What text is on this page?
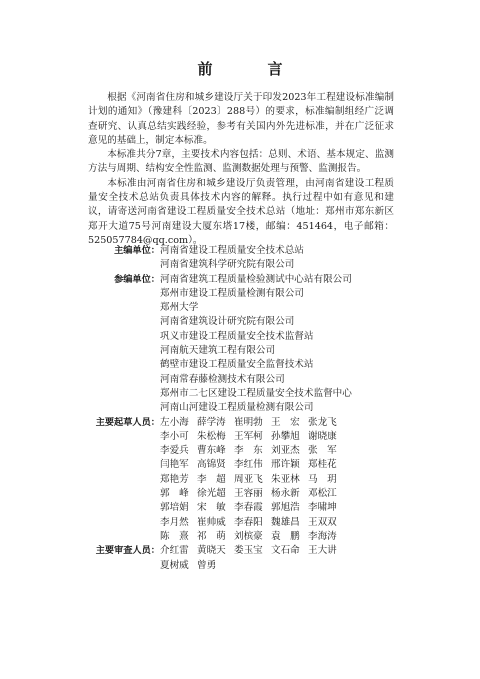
前　言

根据《河南省住房和城乡建设厅关于印发2023年工程建设标准编制计划的通知》（豫建科〔2023〕288号）的要求，标准编制组经广泛调查研究、认真总结实践经验，参考有关国内外先进标准，并在广泛征求意见的基础上，制定本标准。

本标准共分7章，主要技术内容包括：总则、术语、基本规定、监测方法与周期、结构安全性监测、监测数据处理与预警、监测报告。

本标准由河南省住房和城乡建设厅负责管理，由河南省建设工程质量安全技术总站负责具体技术内容的解释。执行过程中如有意见和建议，请寄送河南省建设工程质量安全技术总站（地址：郑州市郑东新区郑开大道75号河南建设大厦东塔17楼，邮编：451464，电子邮箱：525057784@qq.com）。

主编单位： 河南省建设工程质量安全技术总站
河南省建筑科学研究院有限公司
参编单位： 河南省建筑工程质量检验测试中心站有限公司
郑州市建设工程质量检测有限公司
郑州大学
河南省建筑设计研究院有限公司
巩义市建设工程质量安全技术监督站
河南航天建筑工程有限公司
鹤壁市建设工程质量安全监督技术站
河南常春藤检测技术有限公司
郑州市二七区建设工程质量安全技术监督中心
河南山河建设工程质量检测有限公司
主要起草人员： 左小海 薛学涛 崔明勃 王　宏 张龙飞
李小可 朱松梅 王军柯 孙攀旭 谢晓康
李爱兵 曹东峰 李　东 刘亚杰 张　军
闫艳军 高锦贤 李红伟 邢许颖 郑桂花
郑艳芳 李　超 周亚飞 朱亚林 马　玥
郭　峰 徐光超 王容丽 杨永新 邓松江
郭培娟 宋　敏 李春霞 郭旭浩 李啸坤
李月然 崔帅威 李春阳 魏雄昌 王双双
陈　熹 祁　萌 刘槟豪 袁　鹏 李海涛
主要审查人员： 介红雷 黄晓天 娄玉宝 文石命 王大讲
夏树威 曾勇
